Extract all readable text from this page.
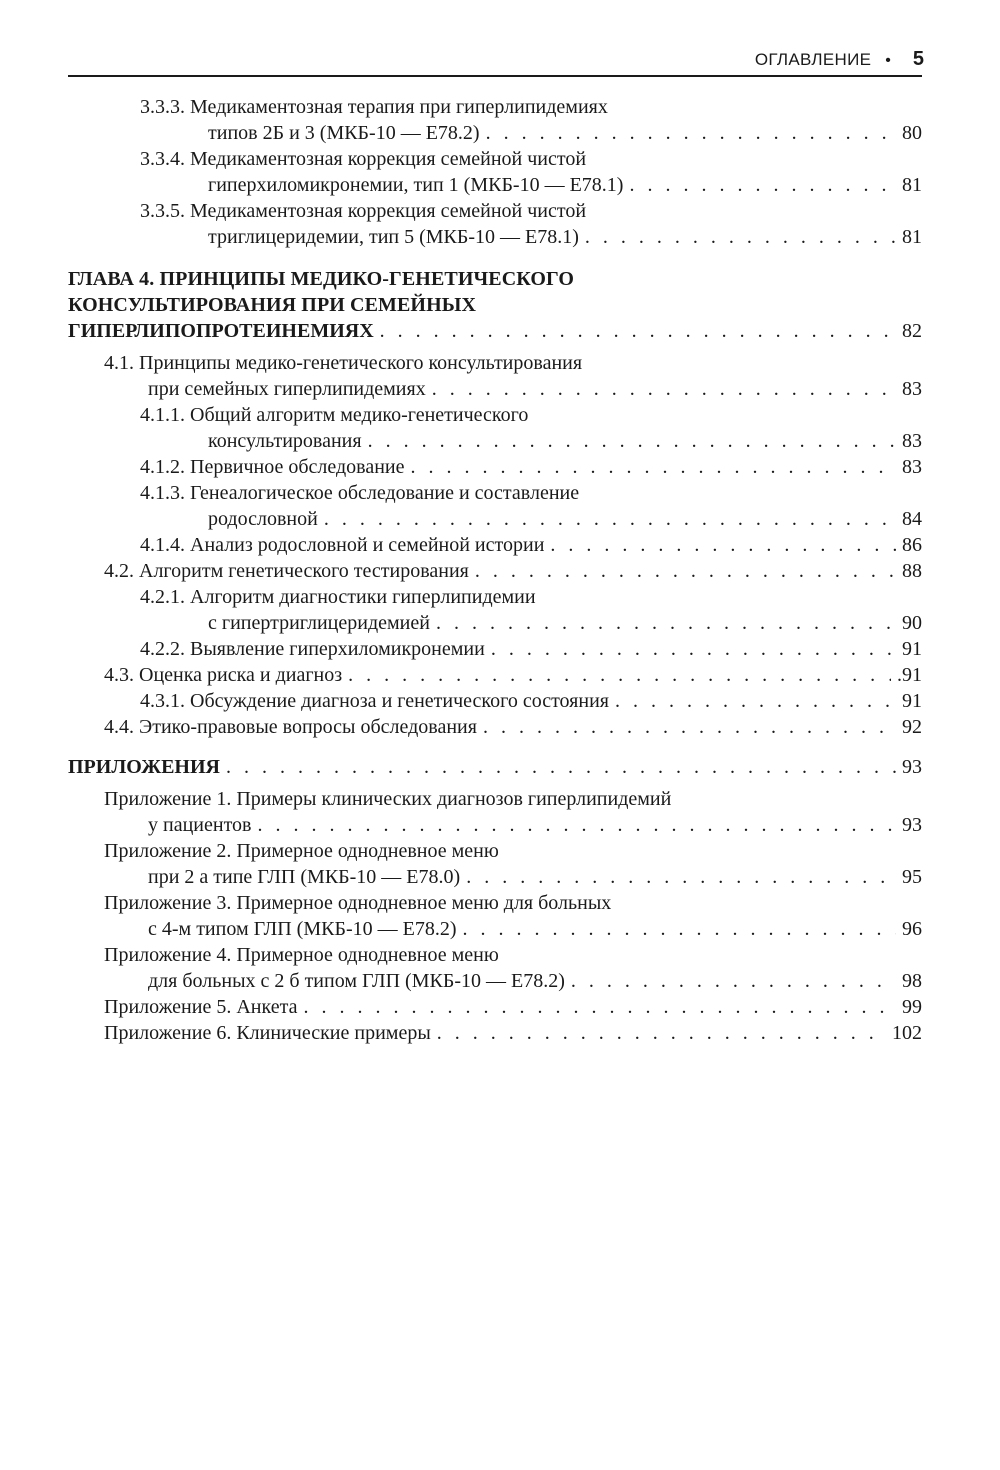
ОГЛАВЛЕНИЕ • 5
3.3.3. Медикаментозная терапия при гиперлипидемиях
типов 2Б и 3 (МКБ-10 — Е78.2) . . .	80
3.3.4. Медикаментозная коррекция семейной чистой
гиперхиломикронемии, тип 1 (МКБ-10 — Е78.1) . . .	81
3.3.5. Медикаментозная коррекция семейной чистой
триглицеридемии, тип 5 (МКБ-10 — Е78.1) . . .	81
ГЛАВА 4. ПРИНЦИПЫ МЕДИКО-ГЕНЕТИЧЕСКОГО
КОНСУЛЬТИРОВАНИЯ ПРИ СЕМЕЙНЫХ
ГИПЕРЛИПОПРОТЕИНЕМИЯХ . . .	82
4.1. Принципы медико-генетического консультирования
при семейных гиперлипидемиях . . .	83
4.1.1. Общий алгоритм медико-генетического
консультирования . . .	83
4.1.2. Первичное обследование . . .	83
4.1.3. Генеалогическое обследование и составление
родословной . . .	84
4.1.4. Анализ родословной и семейной истории . . .	86
4.2. Алгоритм генетического тестирования . . .	88
4.2.1. Алгоритм диагностики гиперлипидемии
с гипертриглицеридемией . . .	90
4.2.2. Выявление гиперхиломикронемии . . .	91
4.3. Оценка риска и диагноз . . .	.91
4.3.1. Обсуждение диагноза и генетического состояния . . .	91
4.4. Этико-правовые вопросы обследования . . .	92
ПРИЛОЖЕНИЯ . . .	93
Приложение 1. Примеры клинических диагнозов гиперлипидемий
у пациентов . . .	93
Приложение 2. Примерное однодневное меню
при 2 а типе ГЛП (МКБ-10 — Е78.0) . . .	95
Приложение 3. Примерное однодневное меню для больных
с 4-м типом ГЛП (МКБ-10 — Е78.2) . . .	96
Приложение 4. Примерное однодневное меню
для больных с 2 б типом ГЛП (МКБ-10 — Е78.2) . . .	98
Приложение 5. Анкета . . .	99
Приложение 6. Клинические примеры . . .	102
